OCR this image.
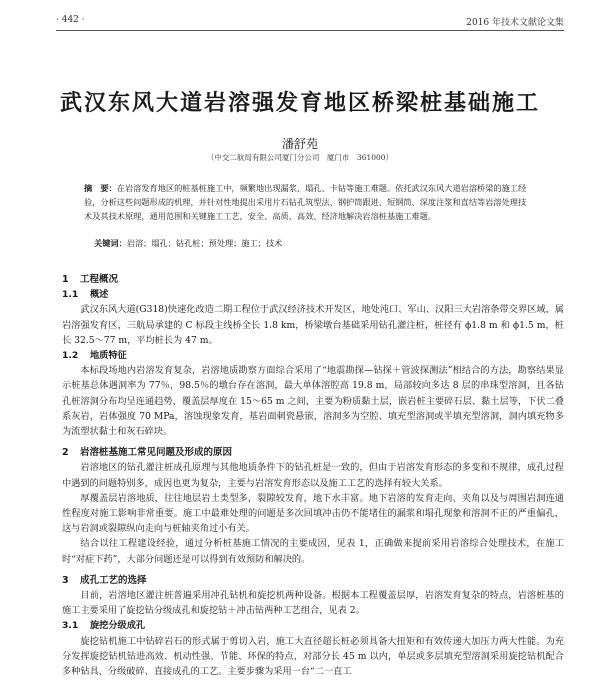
· 442 ·	2016 年技术文献论文集
武汉东风大道岩溶强发育地区桥梁桩基础施工
潘舒苑
（中交二航局有限公司厦门分公司　厦门市　361000）
摘　要：在岩溶发育地区的桩基桩施工中，频繁地出现漏浆、塌孔、卡钻等施工难题。依托武汉东风大道岩溶桥梁的施工经验，分析这些问题形成的机理，并针对性地提出采用片石钻孔筑型法、钢护筒跟进、短钢筒、深度注浆和直结等岩溶处理技术及其技术原理，通用范围和关键施工工艺，安全、高质、高效、经济地解决岩溶桩基施工难题。
关键词：岩溶；塌孔；钻孔桩；预处理；施工；技术
1 工程概况
1.1 概述
武汉东风大道(G318)快速化改造二期工程位于武汉经济技术开发区，地处沌口、军山、汉阳三大岩溶条带交界区域，属岩溶强发育区，三航局承建的 C 标段主线桥全长 1.8 km，桥梁墩台基础采用钻孔灌注桩，桩径有 ϕ1.8 m 和 ϕ1.5 m，桩长 32.5～77 m，平均桩长为 47 m。
1.2 地质特征
本标段场地内岩溶发育复杂，岩溶地质勘察方面综合采用了“地震勘探—钻探＋管波探测法”相结合的方法，勘察结果显示桩基总体遇洞率为 77％，98.5％的墩台存在溶洞，最大单体溶腔高 19.8 m，局部较向多达 8 层的串珠型溶洞，且各钻孔桩溶洞分布均呈连通趋势，覆盖层厚度在 15～65 m 之间，主要为粉质黏土层，嵌岩桩主要碎石层、黏土层等，下伏二叠系灰岩，岩体强度 70 MPa，溶蚀现象发育，基岩面刺瓷悬嵌，溶洞多为空腔、填充型溶洞或半填充型溶洞，洞内填充物多为流塑状黏土和灰石碎块。
2 岩溶桩基施工常见问题及形成的原因
岩溶地区的钻孔灌注桩成孔原理与其他地质条件下的钻孔桩是一致的，但由于岩溶发育形态的多变和不规律，成孔过程中遇到的问题特别多，成因也更为复杂，主要与岩溶发育形态以及施工工艺的选择有较大关系。
厚覆盖层岩溶地质，往往地层岩土类型多，裂隙较发育，地下水丰富。地下岩溶的发育走向、夹角以及与周围岩洞连通性程度对施工影响非常重要。施工中最难处理的问题是多次回填冲击仍不能堵住的漏浆和塌孔现象和溶洞不正的严重偏孔，这与岩洞或裂隙纵向走向与桩轴夹角过小有关。
结合以往工程建设经验，通过分析桩基施工情况的主要成因，见表 1，正确做来提前采用岩溶综合处理技术，在施工时“对症下药”，大部分问题还是可以得到有效预防和解决的。
3 成孔工艺的选择
目前，岩溶地区灌注桩普遍采用冲孔钻机和旋挖机两种设备。根据本工程覆盖层厚，岩溶发育复杂的特点，岩溶桩基的施工主要采用了旋挖钻分级成孔和旋挖钻＋冲击钻两种工艺组合，见表 2。
3.1 旋挖分级成孔
旋挖钻机施工中钻碎岩石的形式属于剪切入岩，施工大直径超长桩必须具备大扭矩和有效传递大加压力两大性能。为充分发挥旋挖钻机钻进高效、机动性强、节能、环保的特点，对部分长 45 m 以内，单层或多层填充型溶洞采用旋挖钻机配合多种钻具，分级破碎、直接成孔的工艺。主要步骤为采用一台“二一直工
